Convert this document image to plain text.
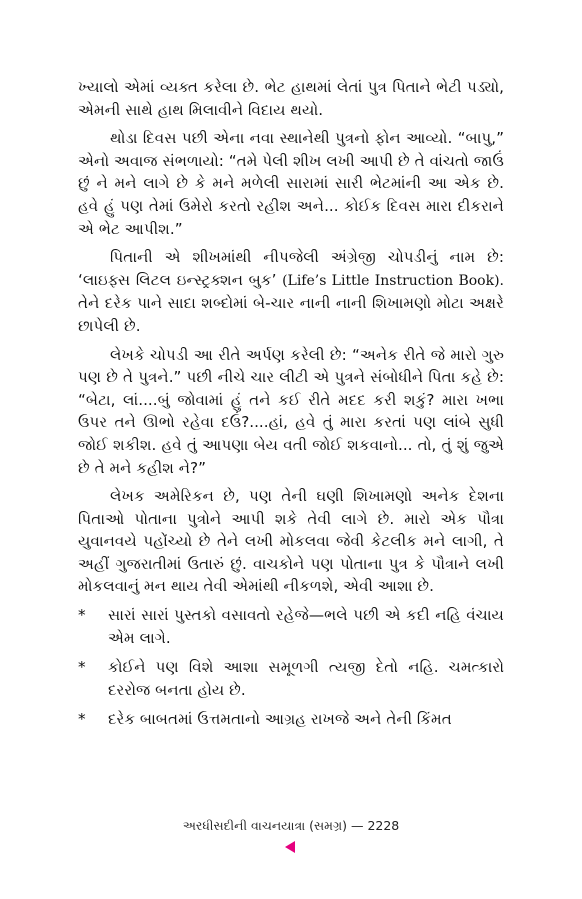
ખ્યાલો એમાં વ્યક્ત કરેલા છે. ભેટ હાથમાં લેતાં પુત્ર પિતાને ભેટી પડ્યો, એમની સાથે હાથ મિલાવીને વિદાય થયો.

થોડા દિવસ પછી એના નવા સ્થાનેથી પુત્રનો ફોન આવ્યો. “બાપુ,” એનો અવાજ સંભળાયો: “તમે પેલી શીખ લખી આપી છે તે વાંચતો જાઉં છું ને મને લાગે છે કે મને મળેલી સારામાં સારી ભેટમાંની આ એક છે. હવે હું પણ તેમાં ઉમેરો કરતો રહીશ અને... કોઈક દિવસ મારા દીકરાને એ ભેટ આપીશ.”

પિતાની એ શીખમાંથી નીપજેલી અંગ્રેજી ચોપડીનું નામ છે: ‘લાઇફ્સ લિટલ ઇન્સ્ટ્રક્શન બુક’ (Life’s Little Instruction Book). તેને દરેક પાને સાદા શબ્દોમાં બે-ચાર નાની નાની શિખામણો મોટા અક્ષરે છાપેલી છે.

લેખકે ચોપડી આ રીતે અર્પણ કરેલી છે: “અનેક રીતે જે મારો ગુરુ પણ છે તે પુત્રને.” પછી નીચે ચાર લીટી એ પુત્રને સંબોધીને પિતા કહે છે: “બેટા, લાં....બું જોવામાં હું તને કઈ રીતે મદદ કરી શકું? મારા ખભા ઉપર તને ઊભો રહેવા દઉં?....હાં, હવે તું મારા કરતાં પણ લાંબે સુધી જોઈ શકીશ. હવે તું આપણા બેય વતી જોઈ શકવાનો... તો, તું શું જુએ છે તે મને કહીશ ને?”

લેખક અમેરિકન છે, પણ તેની ઘણી શિખામણો અનેક દેશના પિતાઓ પોતાના પુત્રોને આપી શકે તેવી લાગે છે. મારો એક પૌત્રા યુવાનવયે પહોંચ્યો છે તેને લખી મોકલવા જેવી કેટલીક મને લાગી, તે અહીં ગુજરાતીમાં ઉતારું છું. વાચકોને પણ પોતાના પુત્ર કે પૌત્રાને લખી મોકલવાનું મન થાય તેવી એમાંથી નીકળશે, એવી આશા છે.

*	સારાં સારાં પુસ્તકો વસાવતો રહેજે—ભલે પછી એ કદી નહિ વંચાય એમ લાગે.
*	કોઈને પણ વિશે આશા સમૂળગી ત્યજી દેતો નહિ. ચમત્કારો દરરોજ બનતા હોય છે.
*	દરેક બાબતમાં ઉત્તમતાનો આગ્રહ રાખજે અને તેની કિંમત
અરધીસદીની વાચનયાત્રા (સમગ્ર) — 2228
